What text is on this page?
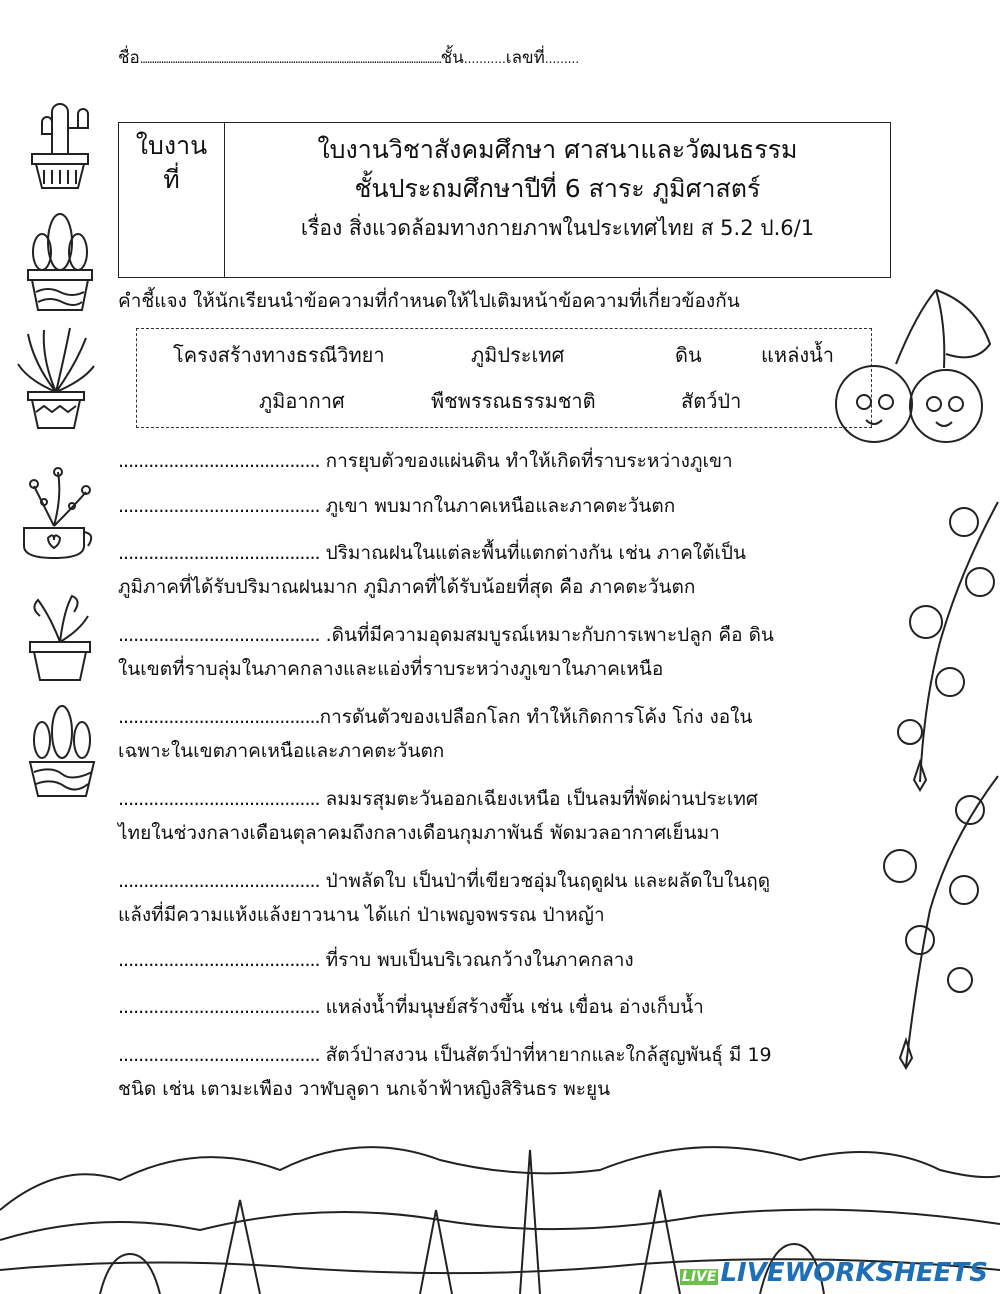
ชื่อ..................................................................................................................................ชั้น...........เลขที่.........
ใบงาน
ที่
ใบงานวิชาสังคมศึกษา ศาสนาและวัฒนธรรม
ชั้นประถมศึกษาปีที่ 6 สาระ ภูมิศาสตร์
เรื่อง สิ่งแวดล้อมทางกายภาพในประเทศไทย ส 5.2 ป.6/1
คำชี้แจง ให้นักเรียนนำข้อความที่กำหนดให้ไปเติมหน้าข้อความที่เกี่ยวข้องกัน
โครงสร้างทางธรณีวิทยา	ภูมิประเทศ	ดิน	แหล่งน้ำ
ภูมิอากาศ	พืชพรรณธรรมชาติ	สัตว์ป่า
........................................ การยุบตัวของแผ่นดิน ทำให้เกิดที่ราบระหว่างภูเขา
........................................ ภูเขา พบมากในภาคเหนือและภาคตะวันตก
........................................ ปริมาณฝนในแต่ละพื้นที่แตกต่างกัน เช่น ภาคใต้เป็น
ภูมิภาคที่ได้รับปริมาณฝนมาก ภูมิภาคที่ได้รับน้อยที่สุด คือ ภาคตะวันตก
........................................ .ดินที่มีความอุดมสมบูรณ์เหมาะกับการเพาะปลูก คือ ดิน
ในเขตที่ราบลุ่มในภาคกลางและแอ่งที่ราบระหว่างภูเขาในภาคเหนือ
........................................การดันตัวของเปลือกโลก ทำให้เกิดการโค้ง โก่ง งอใน
เฉพาะในเขตภาคเหนือและภาคตะวันตก
........................................ ลมมรสุมตะวันออกเฉียงเหนือ เป็นลมที่พัดผ่านประเทศ
ไทยในช่วงกลางเดือนตุลาคมถึงกลางเดือนกุมภาพันธ์ พัดมวลอากาศเย็นมา
........................................ ป่าพลัดใบ เป็นป่าที่เขียวชอุ่มในฤดูฝน และผลัดใบในฤดู
แล้งที่มีความแห้งแล้งยาวนาน ได้แก่ ป่าเพญจพรรณ ป่าหญ้า
........................................ ที่ราบ พบเป็นบริเวณกว้างในภาคกลาง
........................................ แหล่งน้ำที่มนุษย์สร้างขึ้น เช่น เขื่อน อ่างเก็บน้ำ
........................................ สัตว์ป่าสงวน เป็นสัตว์ป่าที่หายากและใกล้สูญพันธุ์ มี 19
ชนิด เช่น เตามะเพือง วาฬบลูดา นกเจ้าฟ้าหญิงสิรินธร พะยูน
LIVE LIVEWORKSHEETS
